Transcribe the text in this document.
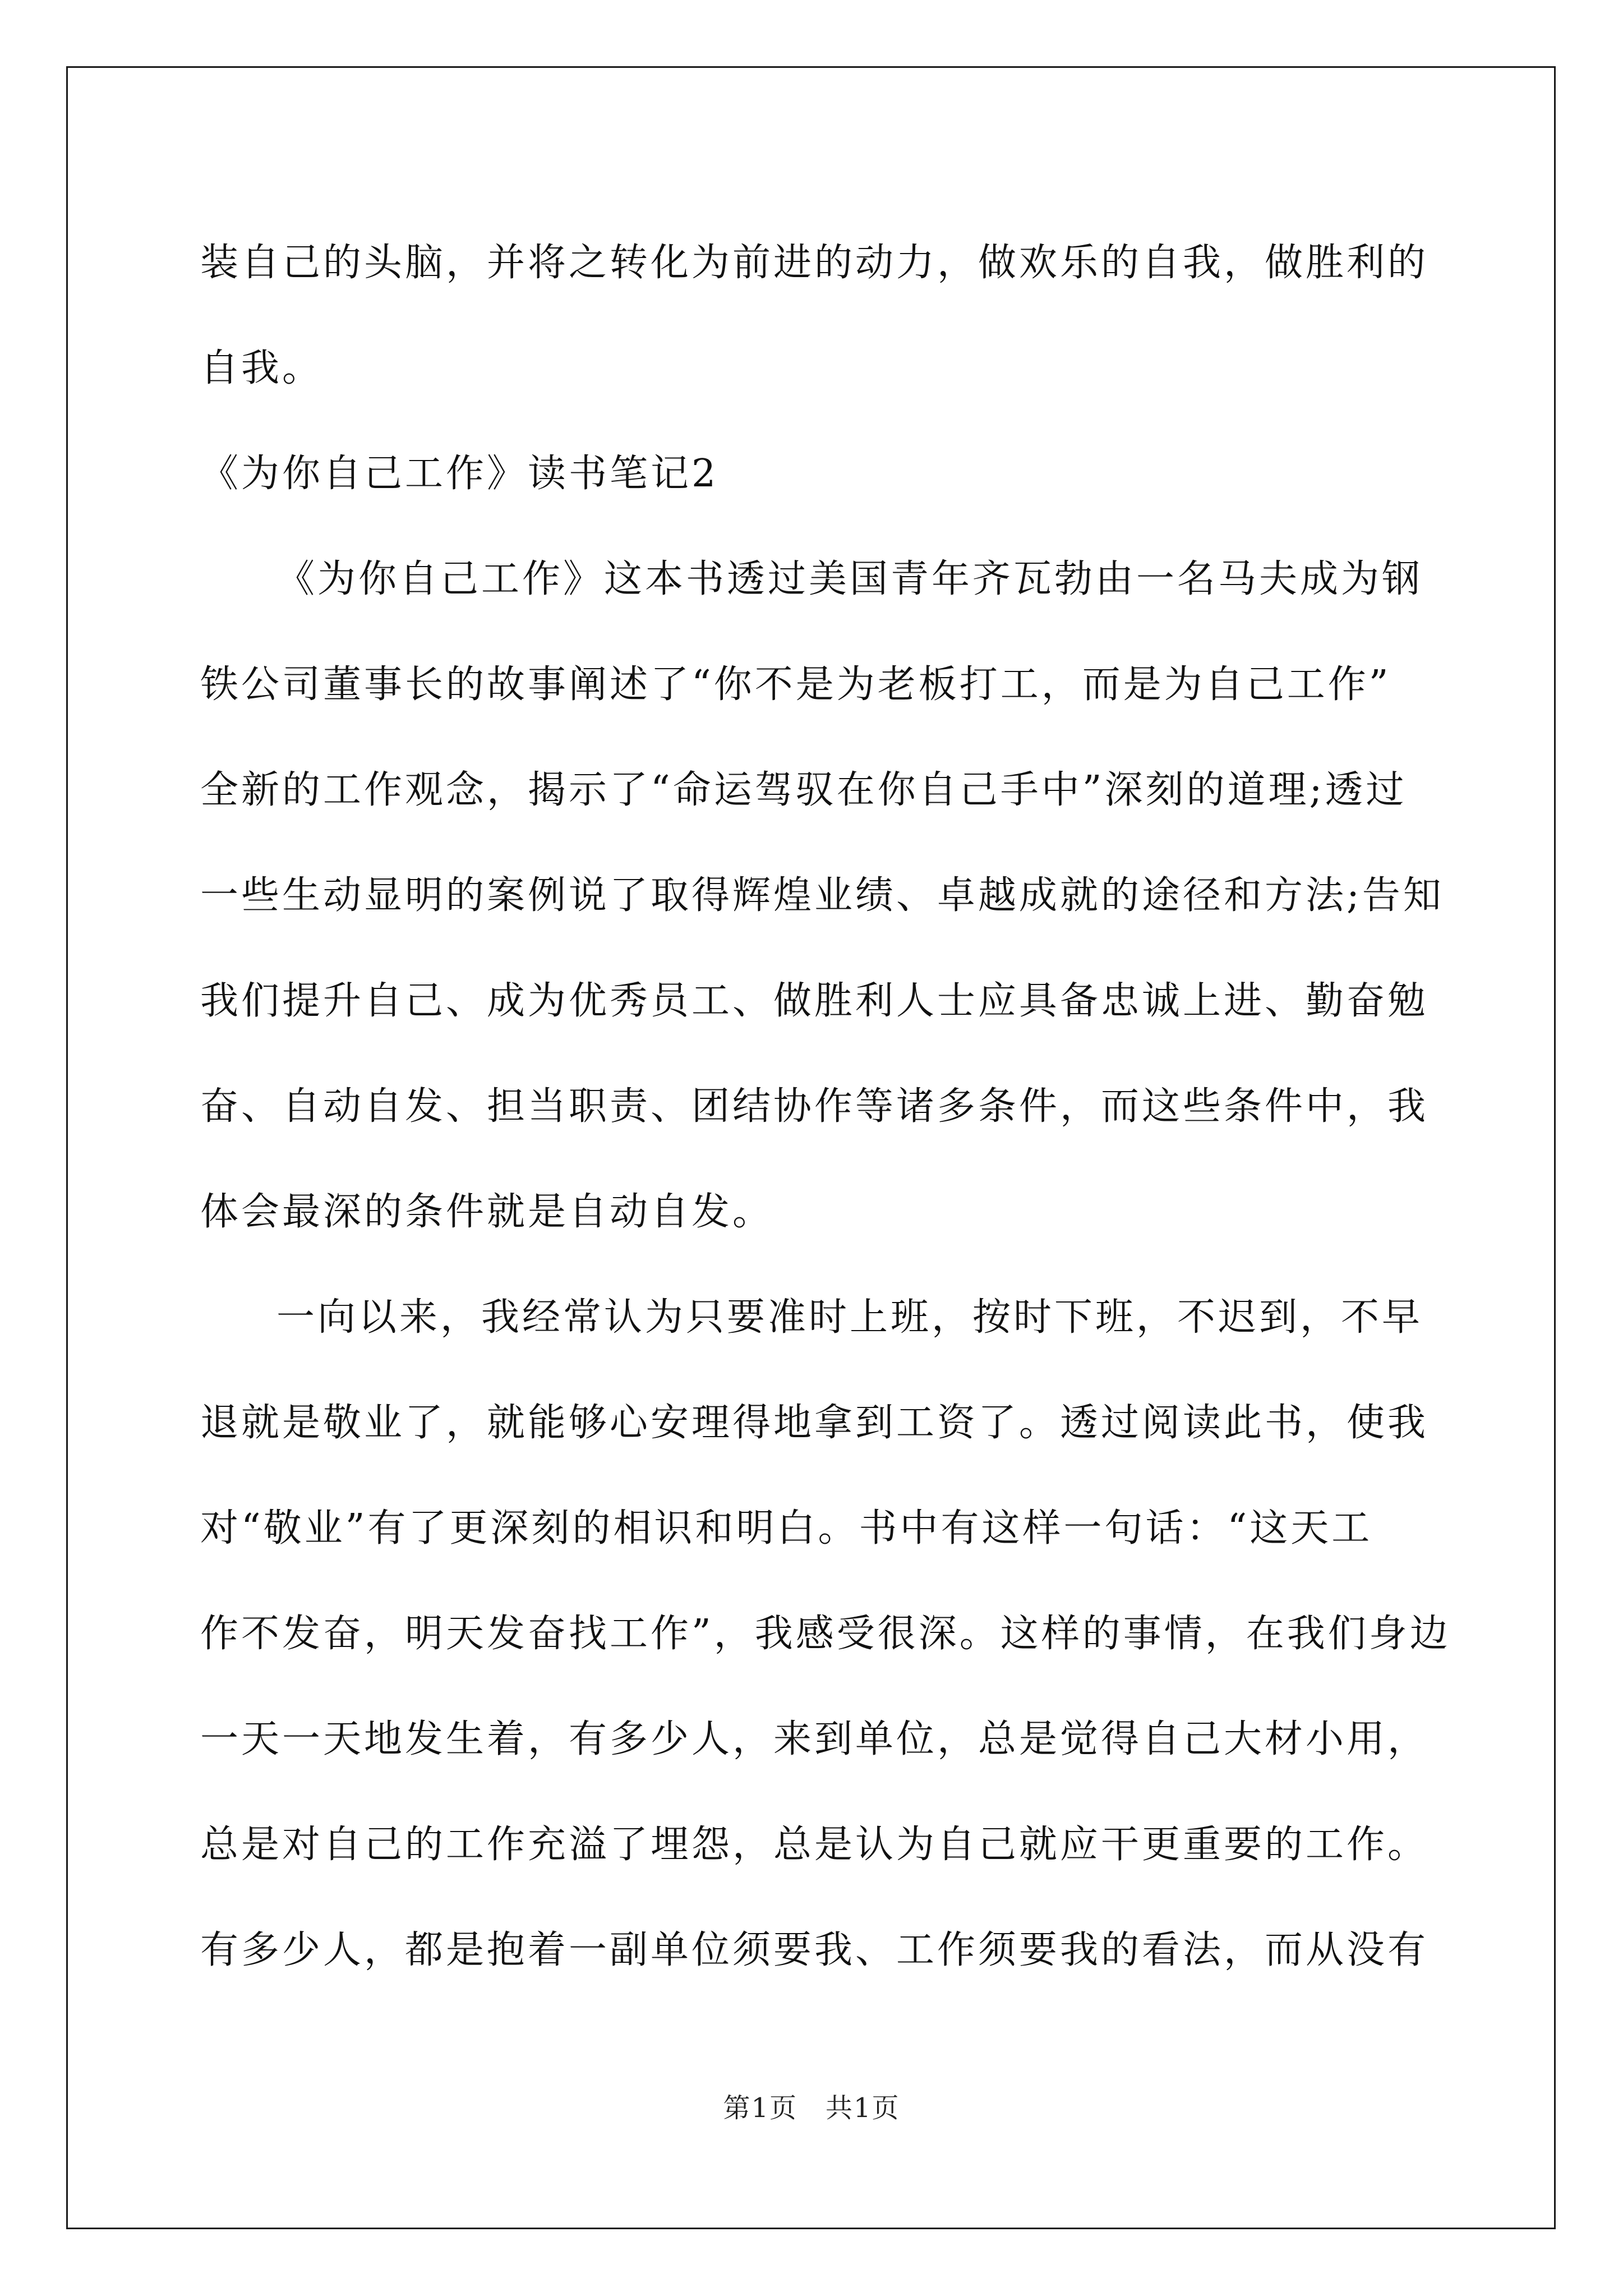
装自己的头脑，并将之转化为前进的动力，做欢乐的自我，做胜利的
自我。
《为你自己工作》读书笔记2
《为你自己工作》这本书透过美国青年齐瓦勃由一名马夫成为钢
铁公司董事长的故事阐述了“你不是为老板打工，而是为自己工作”
全新的工作观念，揭示了“命运驾驭在你自己手中”深刻的道理;透过
一些生动显明的案例说了取得辉煌业绩、卓越成就的途径和方法;告知
我们提升自己、成为优秀员工、做胜利人士应具备忠诚上进、勤奋勉
奋、自动自发、担当职责、团结协作等诸多条件，而这些条件中，我
体会最深的条件就是自动自发。
一向以来，我经常认为只要准时上班，按时下班，不迟到，不早
退就是敬业了，就能够心安理得地拿到工资了。透过阅读此书，使我
对“敬业”有了更深刻的相识和明白。书中有这样一句话：“这天工
作不发奋，明天发奋找工作”，我感受很深。这样的事情，在我们身边
一天一天地发生着，有多少人，来到单位，总是觉得自己大材小用，
总是对自己的工作充溢了埋怨，总是认为自己就应干更重要的工作。
有多少人，都是抱着一副单位须要我、工作须要我的看法，而从没有
第1页 共1页
